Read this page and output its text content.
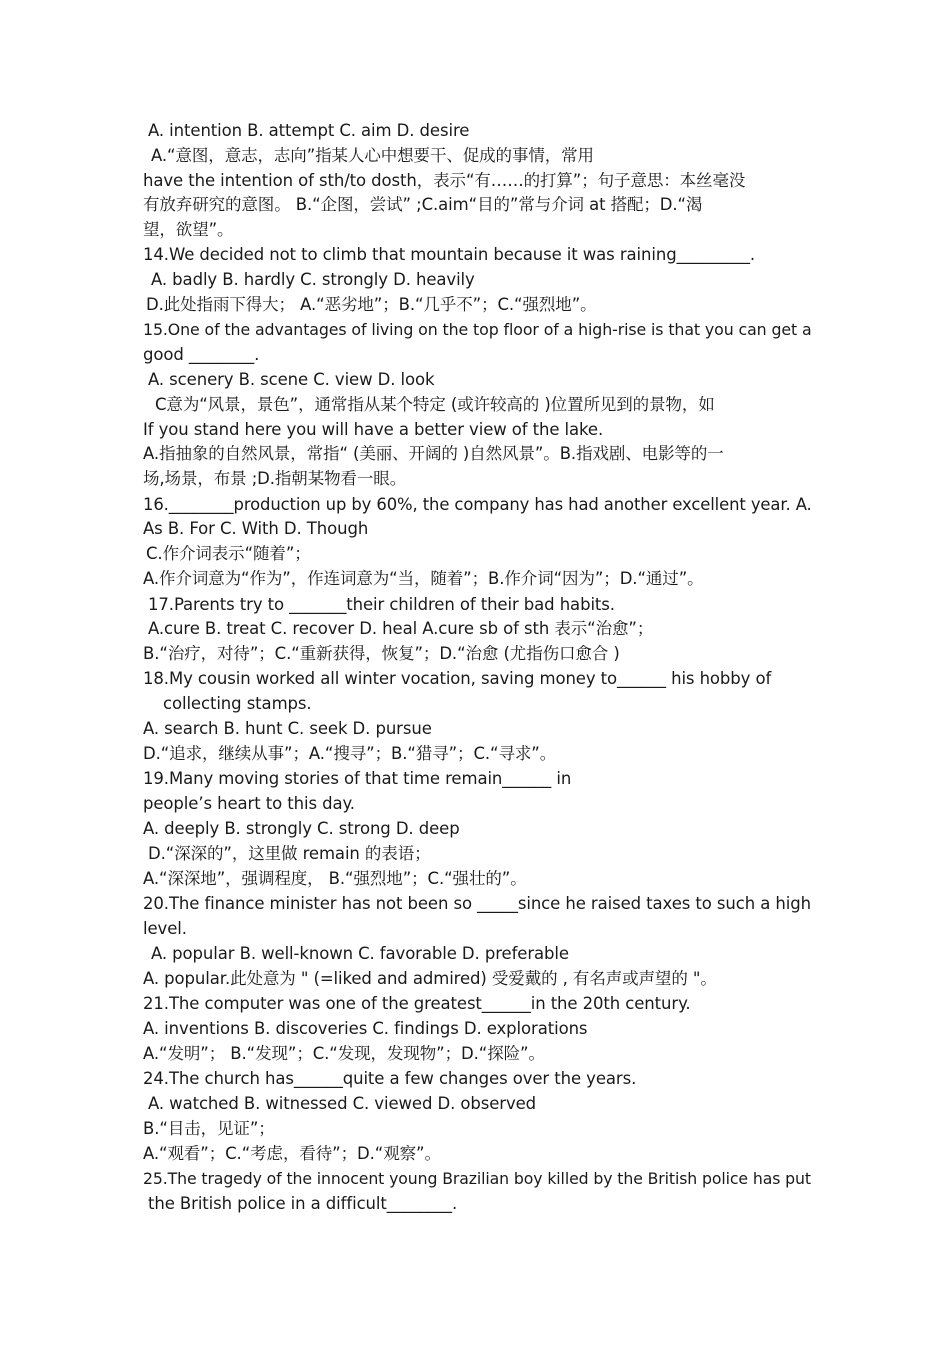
A. intention B. attempt C. aim D. desire
A.“意图，意志，志向”指某人心中想要干、促成的事情，常用
have the intention of sth/to dosth，表示“有……的打算”；句子意思：本丝毫没
有放弃研究的意图。 B.“企图，尝试” ;C.aim“目的”常与介词 at 搭配；D.“渴
望，欲望”。
14.We decided not to climb that mountain because it was raining_________.
A. badly B. hardly C. strongly D. heavily
D.此处指雨下得大； A.“恶劣地”；B.“几乎不”；C.“强烈地”。
15.One of the advantages of living on the top floor of a high-rise is that you can get a
good ________.
A. scenery B. scene C. view D. look
C意为“风景，景色”，通常指从某个特定 (或许较高的 )位置所见到的景物，如
If you stand here you will have a better view of the lake.
A.指抽象的自然风景，常指“ (美丽、开阔的 )自然风景”。B.指戏剧、电影等的一
场,场景，布景 ;D.指朝某物看一眼。
16.________production up by 60%, the company has had another excellent year. A.
As B. For C. With D. Though
C.作介词表示“随着”；
A.作介词意为“作为”，作连词意为“当，随着”；B.作介词“因为”；D.“通过”。
17.Parents try to _______their children of their bad habits.
A.cure B. treat C. recover D. heal A.cure sb of sth 表示“治愈”；
B.“治疗，对待”；C.“重新获得，恢复”；D.“治愈 (尤指伤口愈合 )
18.My cousin worked all winter vocation, saving money to______ his hobby of
collecting stamps.
A. search B. hunt C. seek D. pursue
D.“追求，继续从事”；A.“搜寻”；B.“猎寻”；C.“寻求”。
19.Many moving stories of that time remain______ in
people’s heart to this day.
A. deeply B. strongly C. strong D. deep
D.“深深的”，这里做 remain 的表语；
A.“深深地”，强调程度， B.“强烈地”；C.“强壮的”。
20.The finance minister has not been so _____since he raised taxes to such a high
level.
A. popular B. well-known C. favorable D. preferable
A. popular.此处意为 " (=liked and admired) 受爱戴的 , 有名声或声望的 "。
21.The computer was one of the greatest______in the 20th century.
A. inventions B. discoveries C. findings D. explorations
A.“发明”； B.“发现”；C.“发现，发现物”；D.“探险”。
24.The church has______quite a few changes over the years.
A. watched B. witnessed C. viewed D. observed
B.“目击，见证”；
A.“观看”；C.“考虑，看待”；D.“观察”。
25.The tragedy of the innocent young Brazilian boy killed by the British police has put
the British police in a difficult________.
